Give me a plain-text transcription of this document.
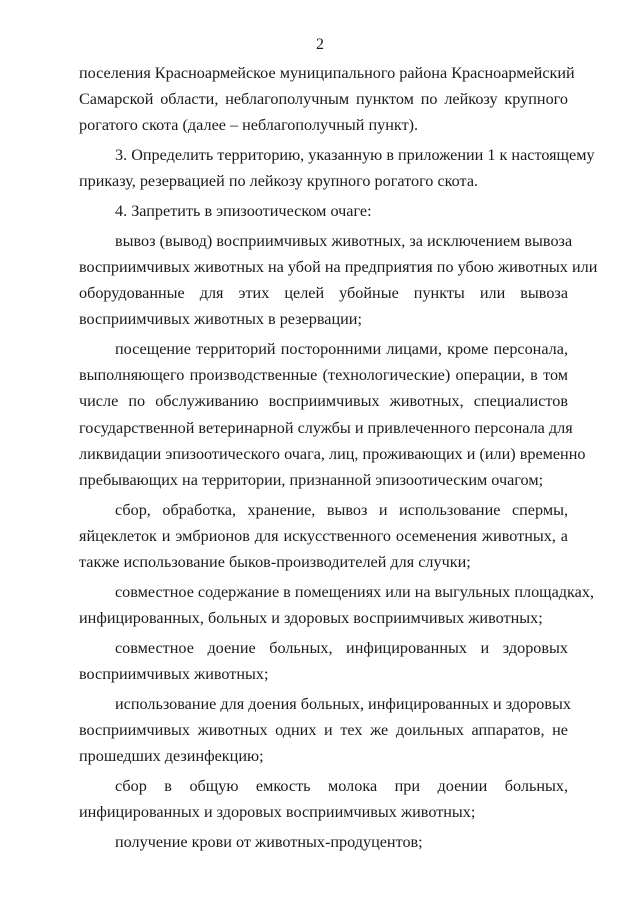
2

поселения Красноармейское муниципального района Красноармейский
Самарской области, неблагополучным пунктом по лейкозу крупного
рогатого скота (далее – неблагополучный пункт).

3. Определить территорию, указанную в приложении 1 к настоящему
приказу, резервацией по лейкозу крупного рогатого скота.

4. Запретить в эпизоотическом очаге:

вывоз (вывод) восприимчивых животных, за исключением вывоза
восприимчивых животных на убой на предприятия по убою животных или
оборудованные для этих целей убойные пункты или вывоза
восприимчивых животных в резервации;

посещение территорий посторонними лицами, кроме персонала,
выполняющего производственные (технологические) операции, в том
числе по обслуживанию восприимчивых животных, специалистов
государственной ветеринарной службы и привлеченного персонала для
ликвидации эпизоотического очага, лиц, проживающих и (или) временно
пребывающих на территории, признанной эпизоотическим очагом;

сбор, обработка, хранение, вывоз и использование спермы,
яйцеклеток и эмбрионов для искусственного осеменения животных, а
также использование быков-производителей для случки;

совместное содержание в помещениях или на выгульных площадках,
инфицированных, больных и здоровых восприимчивых животных;

совместное доение больных, инфицированных и здоровых
восприимчивых животных;

использование для доения больных, инфицированных и здоровых
восприимчивых животных одних и тех же доильных аппаратов, не
прошедших дезинфекцию;

сбор в общую емкость молока при доении больных,
инфицированных и здоровых восприимчивых животных;

получение крови от животных-продуцентов;
